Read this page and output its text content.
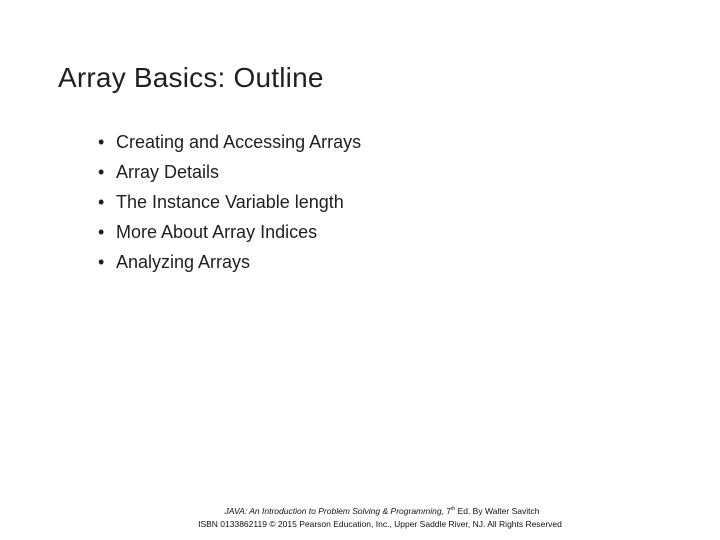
Array Basics: Outline
• Creating and Accessing Arrays
• Array Details
• The Instance Variable length
• More About Array Indices
• Analyzing Arrays
JAVA: An Introduction to Problem Solving & Programming, 7th Ed. By Walter Savitch
ISBN 0133862119 © 2015 Pearson Education, Inc., Upper Saddle River, NJ. All Rights Reserved
